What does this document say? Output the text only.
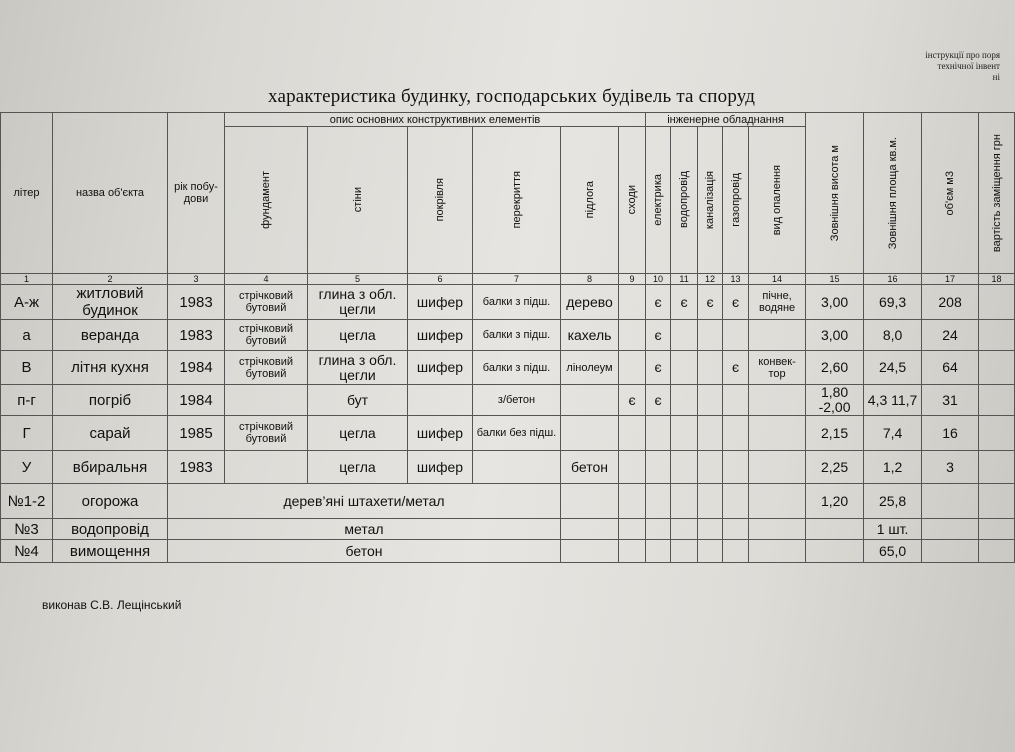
інструкції про поря
технічної інвент
ні
характеристика будинку, господарських будівель та споруд
літер	назва об'єкта	рік побу-дови	опис основних конструктивних елементів						інженерне обладнання					Зовнішня висота м	Зовнішня площа кв.м.	об'єм м3	вартість заміщення грн

			фундамент	стіни	покрівля	перекриття	підлога	сходи	електрика	водопровід	каналізація	газопровід	вид опалення				

1	2	3	4	5	6	7	8	9	10	11	12	13	14	15	16	17	18
А-ж	житловий будинок	1983	стрічковий бутовий	глина з обл. цегли	шифер	балки з підш.	дерево		є	є	є	є	пічне, водяне	3,00	69,3	208	
а	веранда	1983	стрічковий бутовий	цегла	шифер	балки з підш.	кахель		є					3,00	8,0	24	
В	літня кухня	1984	стрічковий бутовий	глина з обл. цегли	шифер	балки з підш.	лінолеум		є			є	конвек-тор	2,60	24,5	64	
п-г	погріб	1984		бут		з/бетон		є	є					1,80 -2,00	4,3 11,7	31	
Г	сарай	1985	стрічковий бутовий	цегла	шифер	балки без підш.								2,15	7,4	16	
У	вбиральня	1983		цегла	шифер		бетон							2,25	1,2	3	
№1-2	огорожа	дерев’яні штахети/метал												1,20	25,8		
№3	водопровід	метал													1 шт.		
№4	вимощення	бетон													65,0		
виконав С.В. Лещінський
